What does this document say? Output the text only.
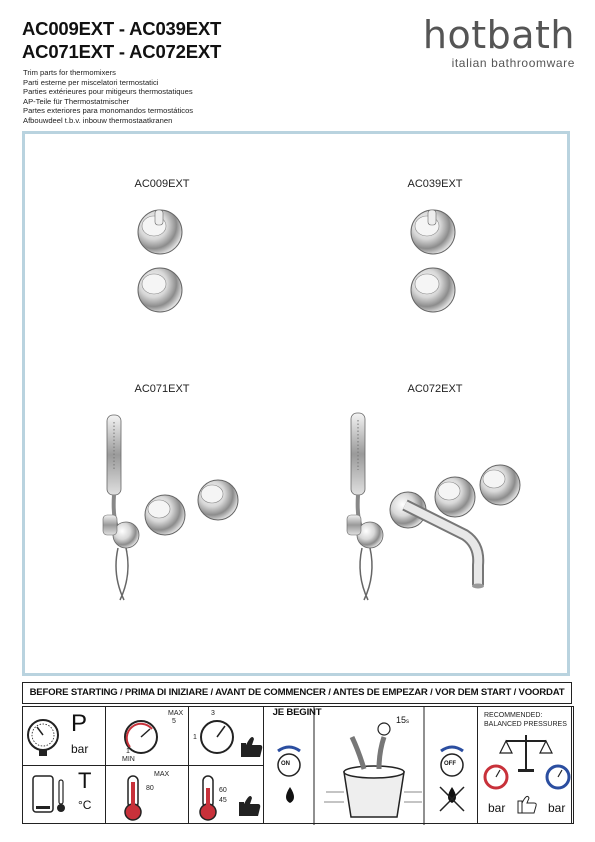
AC009EXT - AC039EXT
AC071EXT - AC072EXT
Trim parts for thermomixers
Parti esterne per miscelatori termostatici
Parties extérieures pour mitigeurs thermostatiques
AP-Teile für Thermostatmischer
Partes exteriores para monomandos termostáticos
Afbouwdeel t.b.v. inbouw thermostaatkranen
hotbath
italian bathroomware
AC009EXT	AC039EXT
AC071EXT	AC072EXT
BEFORE STARTING / PRIMA DI INIZIARE / AVANT DE COMMENCER / ANTES DE EMPEZAR / VOR DEM START / VOORDAT JE BEGINT
P
bar
MAX
5
1
MIN
3
1
15s
ON	OFF
RECOMMENDED:
BALANCED PRESSURES
bar	bar
T
°C
MAX
80	60
45
